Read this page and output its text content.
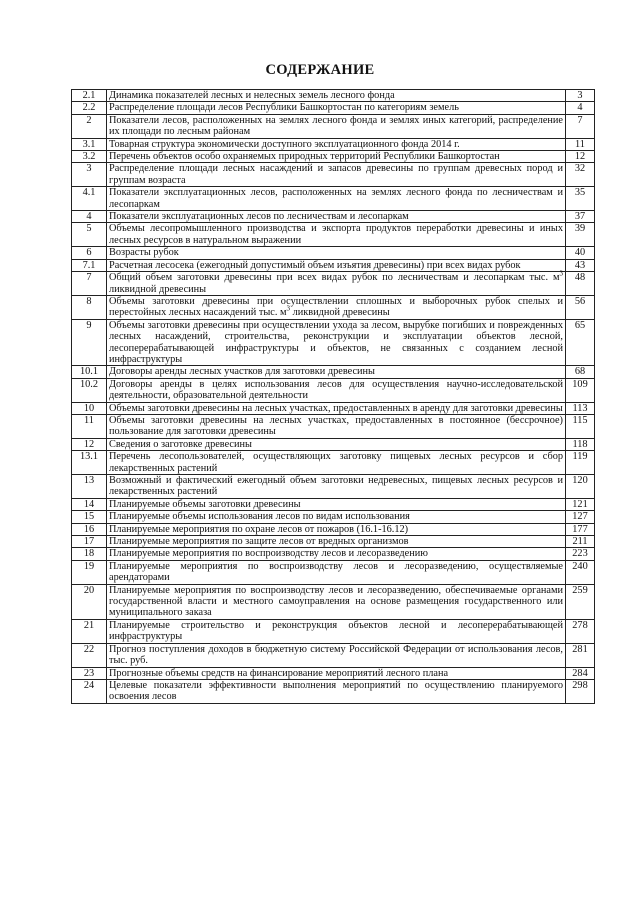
СОДЕРЖАНИЕ
2.1	Динамика показателей лесных и нелесных земель лесного фонда	3
2.2	Распределение площади лесов Республики Башкортостан по категориям земель	4
2	Показатели лесов, расположенных на землях лесного фонда и землях иных категорий, распределение их площади по лесным районам	7
3.1	Товарная структура экономически доступного эксплуатационного фонда 2014 г.	11
3.2	Перечень объектов особо охраняемых природных территорий Республики Башкортостан	12
3	Распределение площади лесных насаждений и запасов древесины по группам древесных пород и группам возраста	32
4.1	Показатели эксплуатационных лесов, расположенных на землях лесного фонда по лесничествам и лесопаркам	35
4	Показатели эксплуатационных лесов по лесничествам и лесопаркам	37
5	Объемы лесопромышленного производства и экспорта продуктов переработки древесины и иных лесных ресурсов в натуральном выражении	39
6	Возрасты рубок	40
7.1	Расчетная лесосека (ежегодный допустимый объем изъятия древесины) при всех видах рубок	43
7	Общий объем заготовки древесины при всех видах рубок по лесничествам и лесопаркам тыс. $м^3$ ликвидной древесины	48
8	Объемы заготовки древесины при осуществлении сплошных и выборочных рубок спелых и перестойных лесных насаждений тыс. $м^3$ ликвидной древесины	56
9	Объемы заготовки древесины при осуществлении ухода за лесом, вырубке погибших и поврежденных лесных насаждений, строительства, реконструкции и эксплуатации объектов лесной, лесоперерабатывающей инфраструктуры и объектов, не связанных с созданием лесной инфраструктуры	65
10.1	Договоры аренды лесных участков для заготовки древесины	68
10.2	Договоры аренды в целях использования лесов для осуществления научно-исследовательской деятельности, образовательной деятельности	109
10	Объемы заготовки древесины на лесных участках, предоставленных в аренду для заготовки древесины	113
11	Объемы заготовки древесины на лесных участках, предоставленных в постоянное (бессрочное) пользование для заготовки древесины	115
12	Сведения о заготовке древесины	118
13.1	Перечень лесопользователей, осуществляющих заготовку пищевых лесных ресурсов и сбор лекарственных растений	119
13	Возможный и фактический ежегодный объем заготовки недревесных, пищевых лесных ресурсов и лекарственных растений	120
14	Планируемые объемы заготовки древесины	121
15	Планируемые объемы использования лесов по видам использования	127
16	Планируемые мероприятия по охране лесов от пожаров (16.1-16.12)	177
17	Планируемые мероприятия по защите лесов от вредных организмов	211
18	Планируемые мероприятия по воспроизводству лесов и лесоразведению	223
19	Планируемые мероприятия по воспроизводству лесов и лесоразведению, осуществляемые арендаторами	240
20	Планируемые мероприятия по воспроизводству лесов и лесоразведению, обеспечиваемые органами государственной власти и местного самоуправления на основе размещения государственного или муниципального заказа	259
21	Планируемые строительство и реконструкция объектов лесной и лесоперерабатывающей инфраструктуры	278
22	Прогноз поступления доходов в бюджетную систему Российской Федерации от использования лесов, тыс. руб.	281
23	Прогнозные объемы средств на финансирование мероприятий лесного плана	284
24	Целевые показатели эффективности выполнения мероприятий по осуществлению планируемого освоения лесов	298
